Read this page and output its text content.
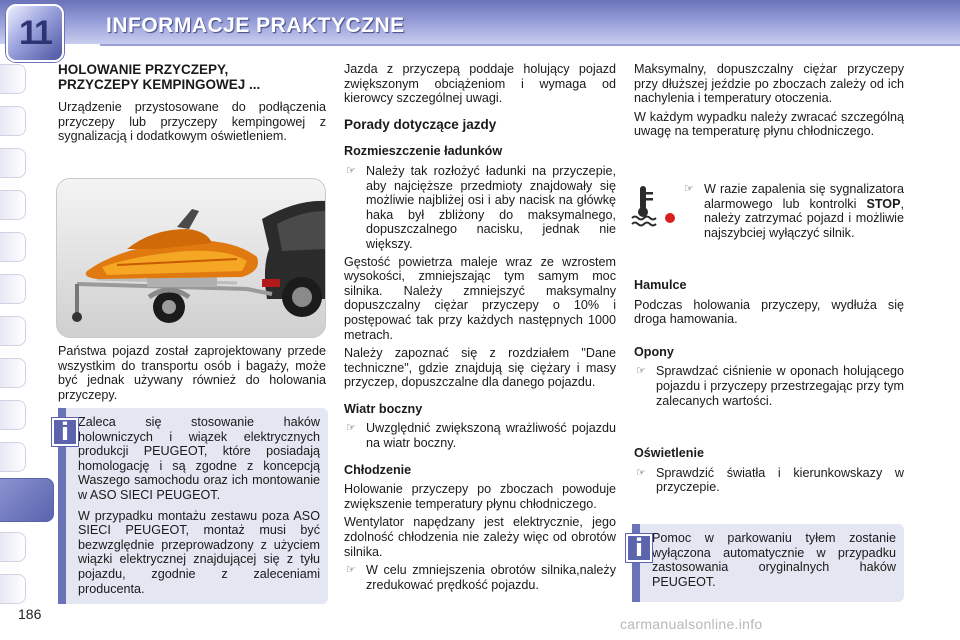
11	INFORMACJE PRAKTYCZNE
HOLOWANIE PRZYCZEPY, PRZYCZEPY KEMPINGOWEJ ...

Urządzenie przystosowane do podłączenia przyczepy lub przyczepy kempingowej z sygnalizacją i dodatkowym oświetleniem.

Państwa pojazd został zaprojektowany przede wszystkim do transportu osób i bagaży, może być jednak używany również do holowania przyczepy.

Zaleca się stosowanie haków holowniczych i wiązek elektrycznych produkcji PEUGEOT, które posiadają homologację i są zgodne z koncepcją Waszego samochodu oraz ich montowanie w ASO SIECI PEUGEOT.

W przypadku montażu zestawu poza ASO SIECI PEUGEOT, montaż musi być bezwzględnie przeprowadzony z użyciem wiązki elektrycznej znajdującej się z tyłu pojazdu, zgodnie z zaleceniami producenta.

i

Jazda z przyczepą poddaje holujący pojazd zwiększonym obciążeniom i wymaga od kierowcy szczególnej uwagi.

Porady dotyczące jazdy
Rozmieszczenie ładunków
☞ Należy tak rozłożyć ładunki na przyczepie, aby najcięższe przedmioty znajdowały się możliwie najbliżej osi i aby nacisk na główkę haka był zbliżony do maksymalnego, dopuszczalnego nacisku, jednak nie większy.

Gęstość powietrza maleje wraz ze wzrostem wysokości, zmniejszając tym samym moc silnika. Należy zmniejszyć maksymalny dopuszczalny ciężar przyczepy o 10% i postępować tak przy każdych następnych 1000 metrach.

Należy zapoznać się z rozdziałem "Dane techniczne", gdzie znajdują się ciężary i masy przyczep, dopuszczalne dla danego pojazdu.

Wiatr boczny
☞ Uwzględnić zwiększoną wrażliwość pojazdu na wiatr boczny.
Chłodzenie

Holowanie przyczepy po zboczach powoduje zwiększenie temperatury płynu chłodniczego.

Wentylator napędzany jest elektrycznie, jego zdolność chłodzenia nie zależy więc od obrotów silnika.

☞ W celu zmniejszenia obrotów silnika,należy zredukować prędkość pojazdu.

Maksymalny, dopuszczalny ciężar przyczepy przy dłuższej jeździe po zboczach zależy od ich nachylenia i temperatury otoczenia.

W każdym wypadku należy zwracać szczególną uwagę na temperaturę płynu chłodniczego.

☞ W razie zapalenia się sygnalizatora alarmowego lub kontrolki STOP, należy zatrzymać pojazd i możliwie najszybciej wyłączyć silnik.
Hamulce

Podczas holowania przyczepy, wydłuża się droga hamowania.

Opony
☞ Sprawdzać ciśnienie w oponach holującego pojazdu i przyczepy przestrzegając przy tym zalecanych wartości.
Oświetlenie
☞ Sprawdzić światła i kierunkowskazy w przyczepie.

Pomoc w parkowaniu tyłem zostanie wyłączona automatycznie w przypadku zastosowania oryginalnych haków PEUGEOT.

i
186
carmanualsonline.info
